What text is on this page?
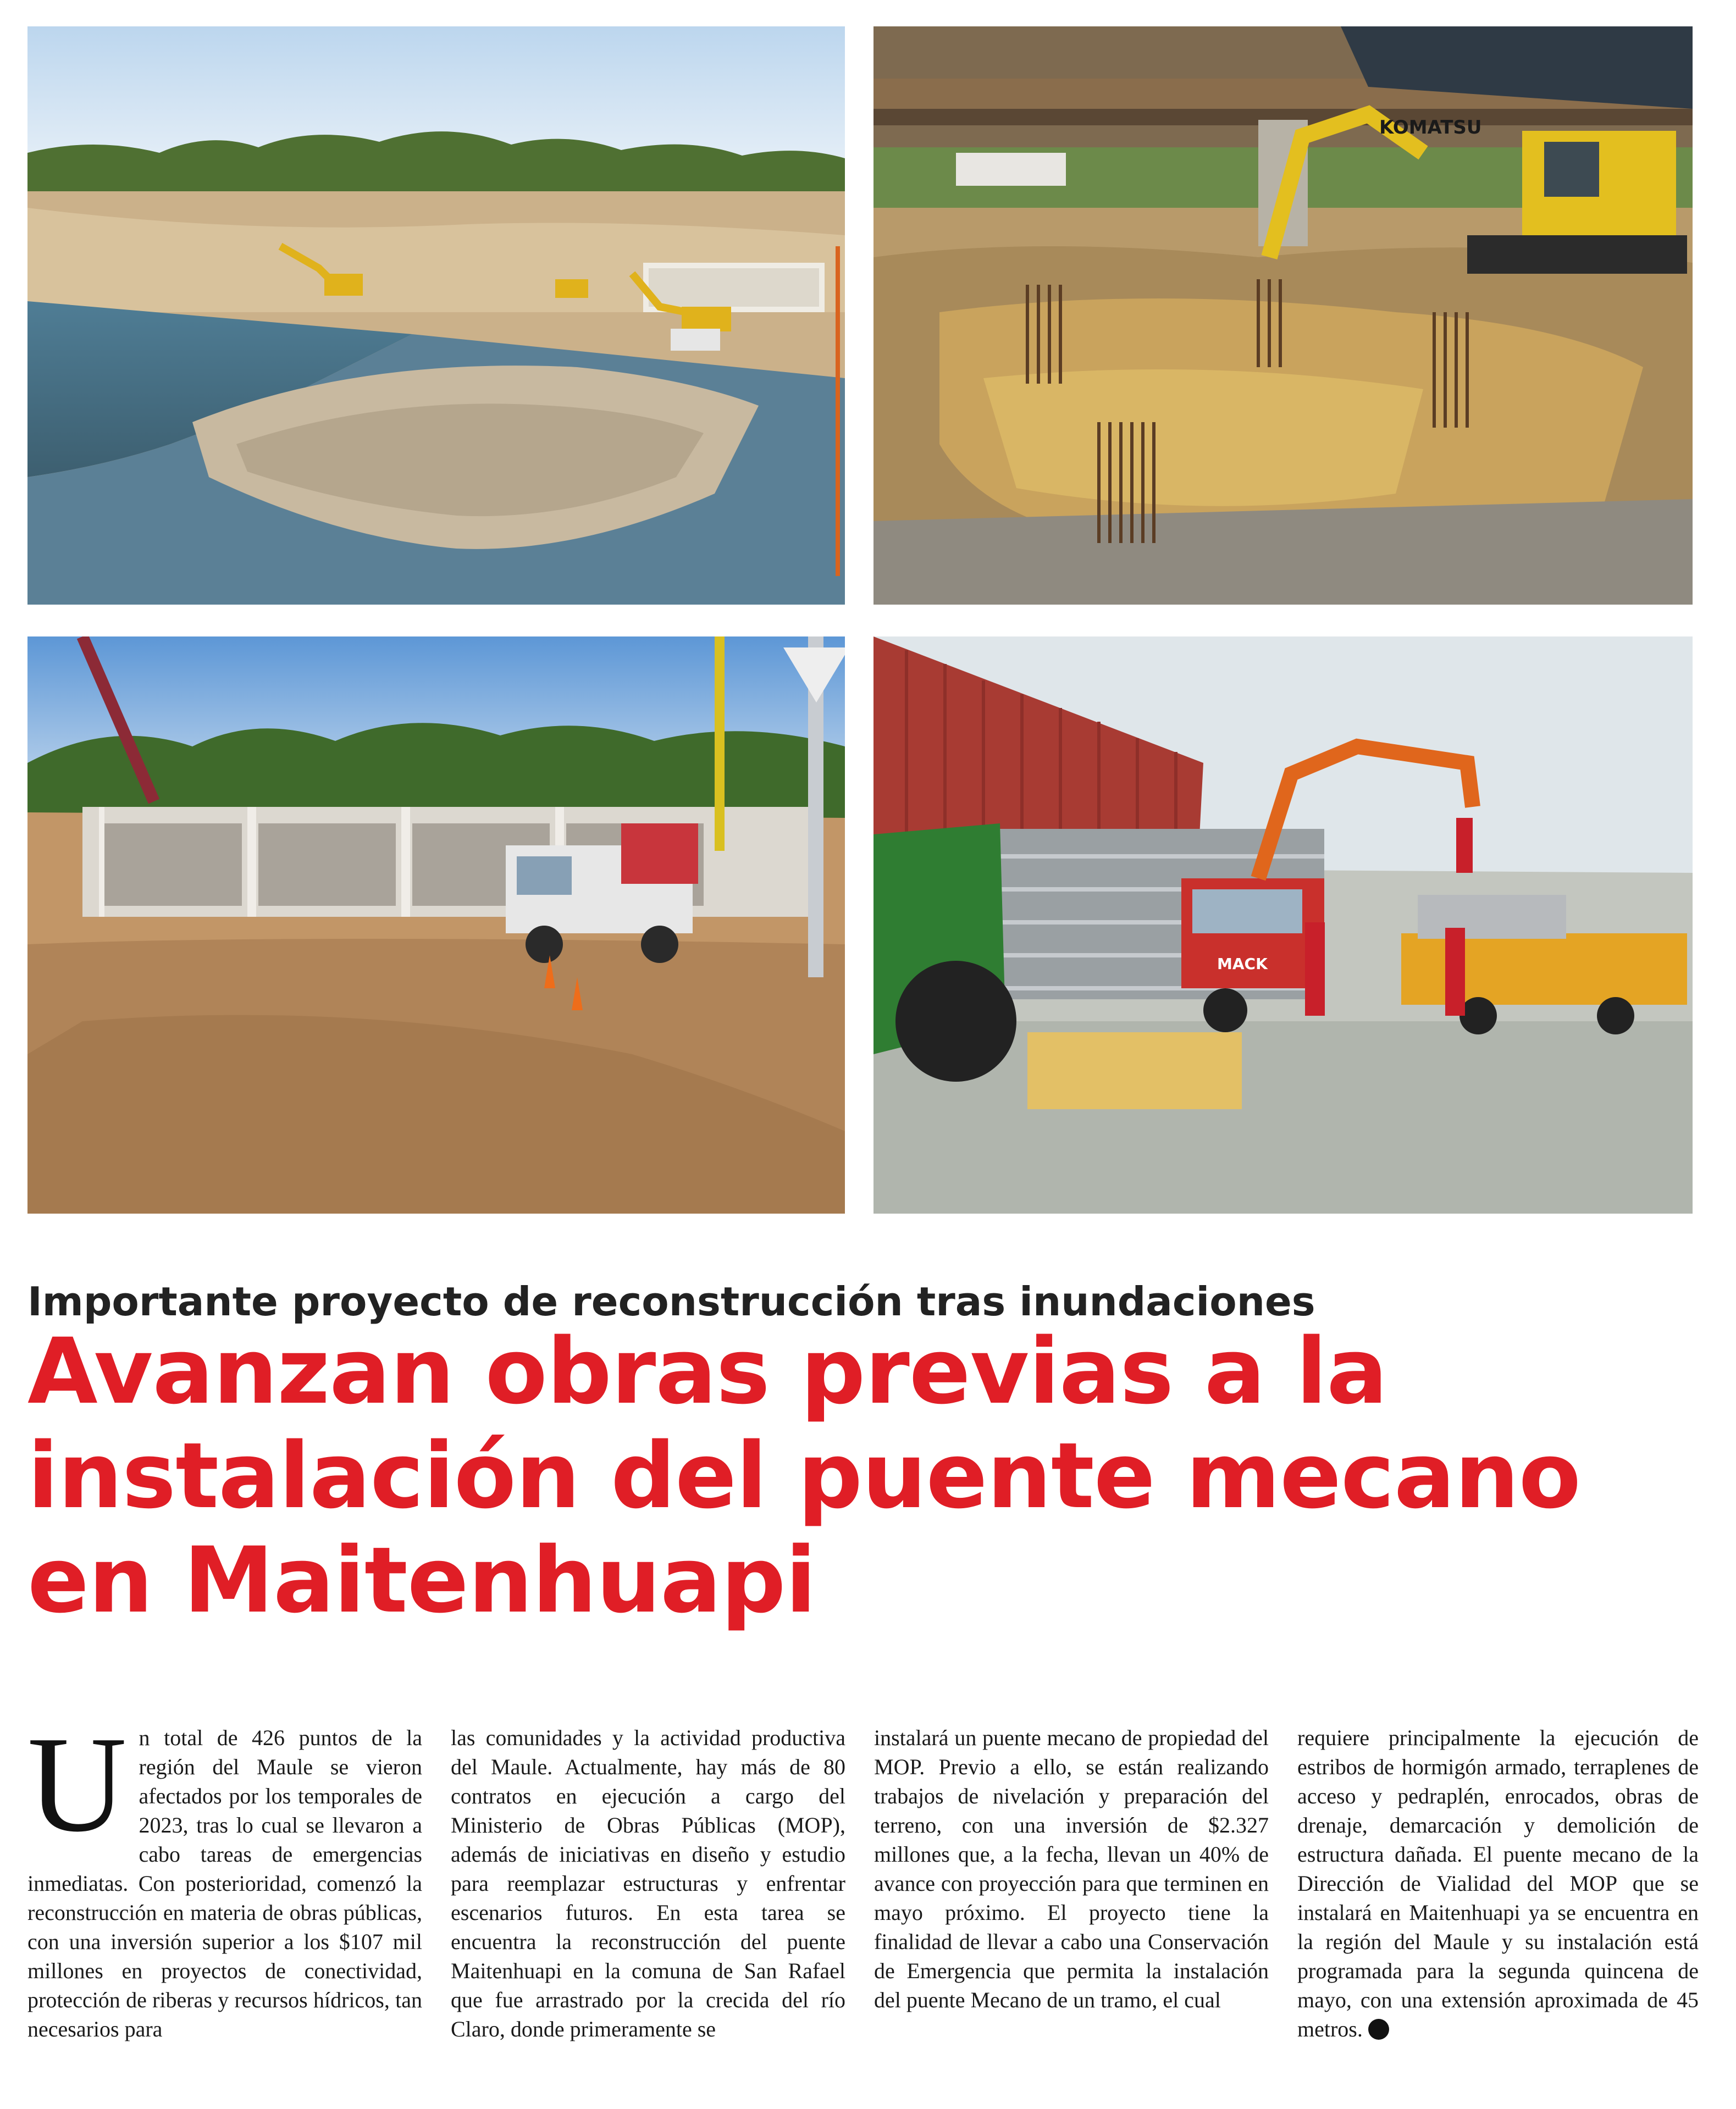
KOMATSU
MACK
Importante proyecto de reconstrucción tras inundaciones
Avanzan obras previas a la
instalación del puente mecano
en Maitenhuapi
U n total de 426 puntos de la región del Maule se vieron afectados por los temporales de 2023, tras lo cual se llevaron a cabo tareas de emergencias inmediatas. Con posterioridad, comenzó la reconstrucción en materia de obras públicas, con una inversión superior a los $107 mil millones en proyectos de conectividad, protección de riberas y recursos hídricos, tan necesarios para

las comunidades y la actividad productiva del Maule. Actualmente, hay más de 80 contratos en ejecución a cargo del Ministerio de Obras Públicas (MOP), además de iniciativas en diseño y estudio para reemplazar estructuras y enfrentar escenarios futuros. En esta tarea se encuentra la reconstrucción del puente Maitenhuapi en la comuna de San Rafael que fue arrastrado por la crecida del río Claro, donde primeramente se

instalará un puente mecano de propiedad del MOP. Previo a ello, se están realizando trabajos de nivelación y preparación del terreno, con una inversión de $2.327 millones que, a la fecha, llevan un 40% de avance con proyección para que terminen en mayo próximo. El proyecto tiene la finalidad de llevar a cabo una Conservación de Emergencia que permita la instalación del puente Mecano de un tramo, el cual

requiere principalmente la ejecución de estribos de hormigón armado, terraplenes de acceso y pedraplén, enrocados, obras de drenaje, demarcación y demolición de estructura dañada. El puente mecano de la Dirección de Vialidad del MOP que se instalará en Maitenhuapi ya se encuentra en la región del Maule y su instalación está programada para la segunda quincena de mayo, con una extensión aproximada de 45 metros.
